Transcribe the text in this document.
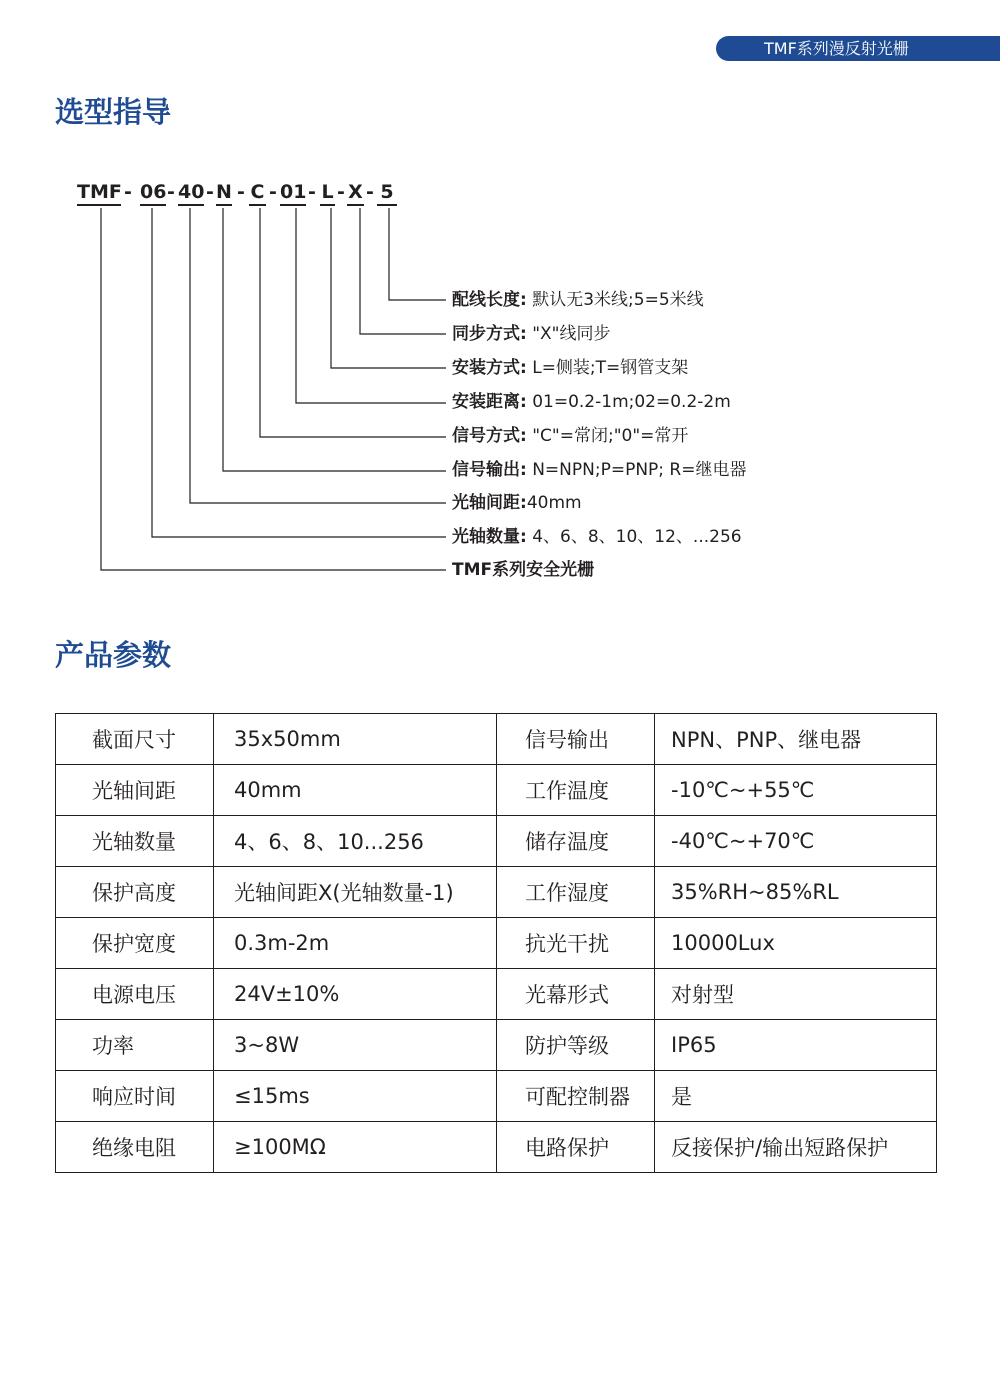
TMF系列漫反射光栅
选型指导
TMF - 06 - 40 - N - C - 01 - L - X - 5
配线长度: 默认无3米线;5=5米线
同步方式: "X"线同步
安装方式: L=侧装;T=钢管支架
安装距离: 01=0.2-1m;02=0.2-2m
信号方式: "C"=常闭;"0"=常开
信号输出: N=NPN;P=PNP; R=继电器
光轴间距:40mm
光轴数量: 4、6、8、10、12、...256
TMF系列安全光栅
产品参数
截面尺寸	35x50mm	信号输出	NPN、PNP、继电器
光轴间距	40mm	工作温度	-10℃~+55℃
光轴数量	4、6、8、10...256	储存温度	-40℃~+70℃
保护高度	光轴间距X(光轴数量-1)	工作湿度	35%RH~85%RL
保护宽度	0.3m-2m	抗光干扰	10000Lux
电源电压	24V±10%	光幕形式	对射型
功率	3~8W	防护等级	IP65
响应时间	≤15ms	可配控制器	是
绝缘电阻	≥100MΩ	电路保护	反接保护/输出短路保护
